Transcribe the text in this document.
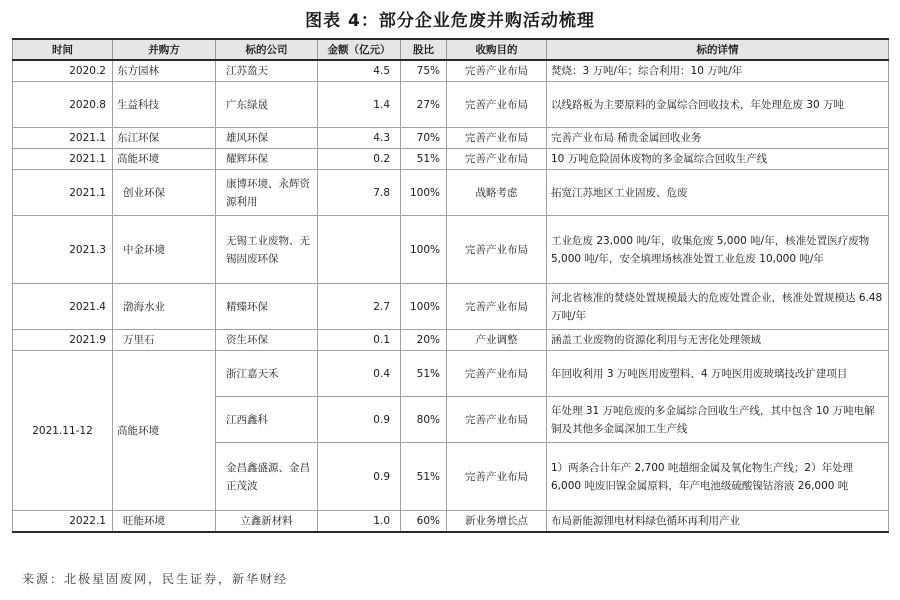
图表 4：部分企业危废并购活动梳理
时间	并购方	标的公司	金额（亿元）	股比	收购目的	标的详情
2020.2	东方园林	江苏盈天	4.5	75%	完善产业布局	焚烧：3 万吨/年；综合利用：10 万吨/年
2020.8	生益科技	广东绿晟	1.4	27%	完善产业布局	以线路板为主要原料的金属综合回收技术，年处理危废 30 万吨
2021.1	东江环保	雄风环保	4.3	70%	完善产业布局	完善产业布局 稀贵金属回收业务
2021.1	高能环境	耀辉环保	0.2	51%	完善产业布局	10 万吨危险固体废物的多金属综合回收生产线
2021.1	创业环保	康博环境、永辉资源利用	7.8	100%	战略考虑	拓宽江苏地区工业固废、危废
2021.3	中金环境	无锡工业废物、无锡固废环保		100%	完善产业布局	工业危废 23,000 吨/年，收集危废 5,000 吨/年，核准处置医疗废物 5,000 吨/年，安全填埋场核准处置工业危废 10,000 吨/年
2021.4	渤海水业	精臻环保	2.7	100%	完善产业布局	河北省核准的焚烧处置规模最大的危废处置企业，核准处置规模达 6.48 万吨/年
2021.9	万里石	资生环保	0.1	20%	产业调整	涵盖工业废物的资源化利用与无害化处理领域
2021.11-12	高能环境	浙江嘉天禾	0.4	51%	完善产业布局	年回收利用 3 万吨医用废塑料、4 万吨医用废玻璃技改扩建项目
		江西鑫科	0.9	80%	完善产业布局	年处理 31 万吨危废的多金属综合回收生产线，其中包含 10 万吨电解铜及其他多金属深加工生产线
		金昌鑫盛源、金昌正茂波	0.9	51%	完善产业布局	1）两条合计年产 2,700 吨超细金属及氧化物生产线；2）年处理 6,000 吨废旧镍金属原料，年产电池级硫酸镍钴溶液 26,000 吨
2022.1	旺能环境	立鑫新材料	1.0	60%	新业务增长点	布局新能源锂电材料绿色循环再利用产业
来源：北极星固废网，民生证券，新华财经
